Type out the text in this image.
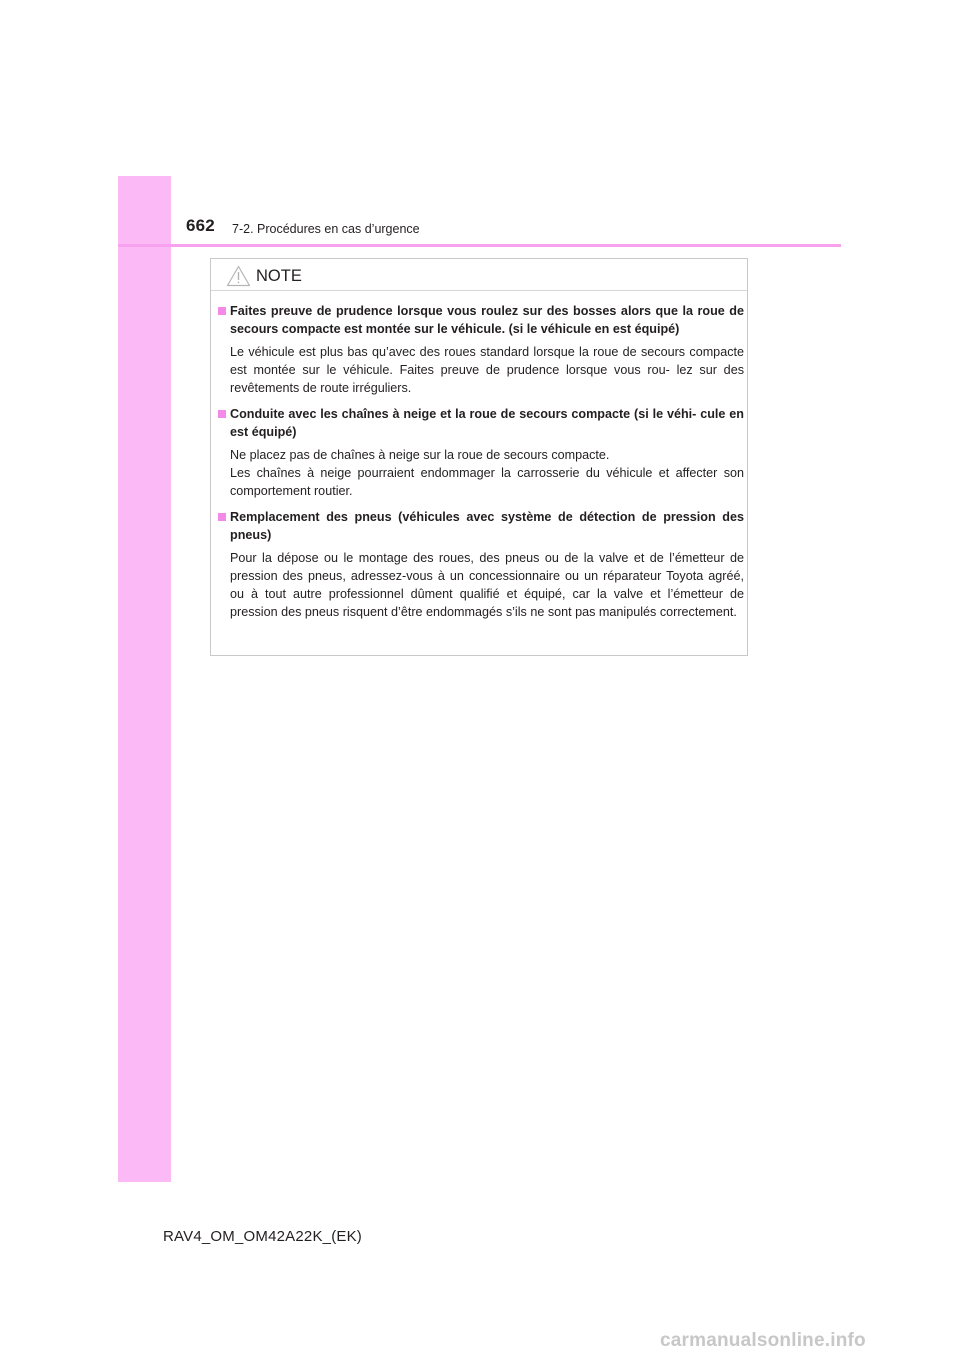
662 7-2. Procédures en cas d’urgence
NOTE
Faites preuve de prudence lorsque vous roulez sur des bosses alors que la roue de secours compacte est montée sur le véhicule. (si le véhicule en est équipé)

Le véhicule est plus bas qu’avec des roues standard lorsque la roue de secours compacte est montée sur le véhicule. Faites preuve de prudence lorsque vous rou- lez sur des revêtements de route irréguliers.

Conduite avec les chaînes à neige et la roue de secours compacte (si le véhi- cule en est équipé)

Ne placez pas de chaînes à neige sur la roue de secours compacte.

Les chaînes à neige pourraient endommager la carrosserie du véhicule et affecter son comportement routier.

Remplacement des pneus (véhicules avec système de détection de pression des pneus)

Pour la dépose ou le montage des roues, des pneus ou de la valve et de l’émetteur de pression des pneus, adressez-vous à un concessionnaire ou un réparateur Toyota agréé, ou à tout autre professionnel dûment qualifié et équipé, car la valve et l’émetteur de pression des pneus risquent d’être endommagés s’ils ne sont pas manipulés correctement.

RAV4_OM_OM42A22K_(EK)
carmanualsonline.info
